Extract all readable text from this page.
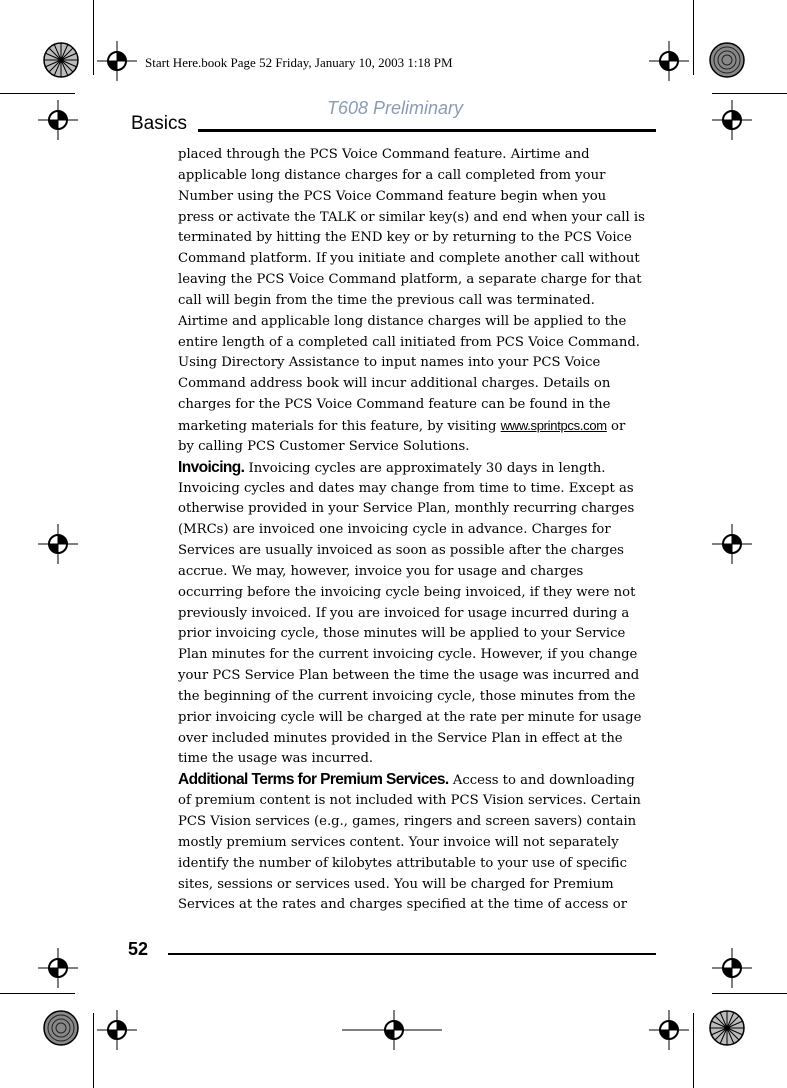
Start Here.book Page 52 Friday, January 10, 2003 1:18 PM
T608 Preliminary
Basics
placed through the PCS Voice Command feature. Airtime and
applicable long distance charges for a call completed from your
Number using the PCS Voice Command feature begin when you
press or activate the TALK or similar key(s) and end when your call is
terminated by hitting the END key or by returning to the PCS Voice
Command platform. If you initiate and complete another call without
leaving the PCS Voice Command platform, a separate charge for that
call will begin from the time the previous call was terminated.
Airtime and applicable long distance charges will be applied to the
entire length of a completed call initiated from PCS Voice Command.
Using Directory Assistance to input names into your PCS Voice
Command address book will incur additional charges. Details on
charges for the PCS Voice Command feature can be found in the
marketing materials for this feature, by visiting www.sprintpcs.com or
by calling PCS Customer Service Solutions.
Invoicing. Invoicing cycles are approximately 30 days in length.
Invoicing cycles and dates may change from time to time. Except as
otherwise provided in your Service Plan, monthly recurring charges
(MRCs) are invoiced one invoicing cycle in advance. Charges for
Services are usually invoiced as soon as possible after the charges
accrue. We may, however, invoice you for usage and charges
occurring before the invoicing cycle being invoiced, if they were not
previously invoiced. If you are invoiced for usage incurred during a
prior invoicing cycle, those minutes will be applied to your Service
Plan minutes for the current invoicing cycle. However, if you change
your PCS Service Plan between the time the usage was incurred and
the beginning of the current invoicing cycle, those minutes from the
prior invoicing cycle will be charged at the rate per minute for usage
over included minutes provided in the Service Plan in effect at the
time the usage was incurred.
Additional Terms for Premium Services. Access to and downloading
of premium content is not included with PCS Vision services. Certain
PCS Vision services (e.g., games, ringers and screen savers) contain
mostly premium services content. Your invoice will not separately
identify the number of kilobytes attributable to your use of specific
sites, sessions or services used. You will be charged for Premium
Services at the rates and charges specified at the time of access or
52
